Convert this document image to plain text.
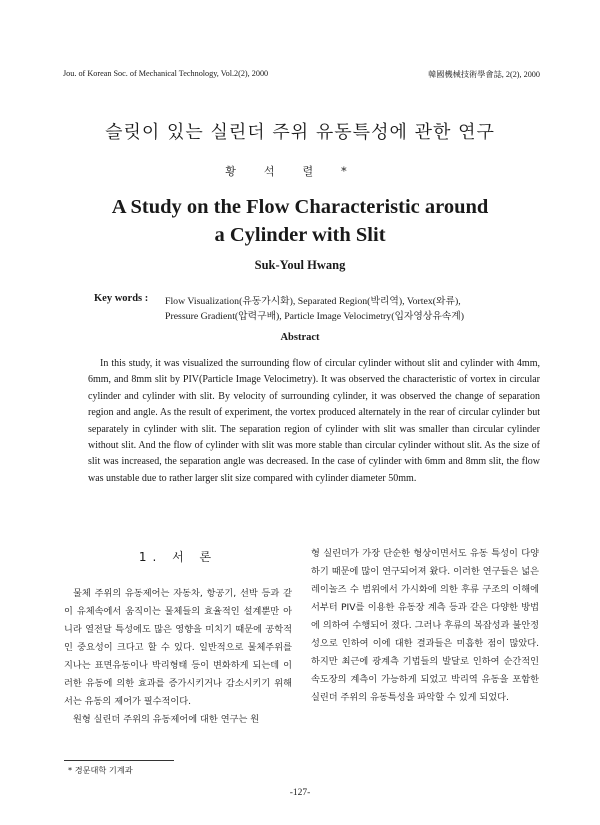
Jou. of Korean Soc. of Mechanical Technology, Vol.2(2), 2000	韓國機械技術學會誌, 2(2), 2000
슬릿이 있는 실린더 주위 유동특성에 관한 연구
황석렬*
A Study on the Flow Characteristic around
a Cylinder with Slit
Suk-Youl Hwang
Key words : Flow Visualization(유동가시화), Separated Region(박리역), Vortex(와류),
Pressure Gradient(압력구배), Particle Image Velocimetry(입자영상유속계)
Abstract

In this study, it was visualized the surrounding flow of circular cylinder without slit and cylinder with 4mm, 6mm, and 8mm slit by PIV(Particle Image Velocimetry). It was observed the characteristic of vortex in circular cylinder and cylinder with slit. By velocity of surrounding cylinder, it was observed the change of separation region and angle. As the result of experiment, the vortex produced alternately in the rear of circular cylinder but separately in cylinder with slit. The separation region of cylinder with slit was smaller than circular cylinder without slit. And the flow of cylinder with slit was more stable than circular cylinder without slit. As the size of slit was increased, the separation angle was decreased. In the case of cylinder with 6mm and 8mm slit, the flow was unstable due to rather larger slit size compared with cylinder diameter 50mm.

1. 서 론

물체 주위의 유동제어는 자동차, 항공기, 선박 등과 같이 유체속에서 움직이는 물체들의 효율적인 설계뿐만 아니라 열전달 특성에도 많은 영향을 미치기 때문에 공학적인 중요성이 크다고 할 수 있다. 일반적으로 물체주위를 지나는 표면유동이나 박리형태 등이 변화하게 되는데 이러한 유동에 의한 효과를 증가시키거나 감소시키기 위해서는 유동의 제어가 필수적이다.

원형 실린더 주위의 유동제어에 대한 연구는 원

형 실린더가 가장 단순한 형상이면서도 유동 특성이 다양하기 때문에 많이 연구되어져 왔다. 이러한 연구들은 넓은 레이놀즈 수 범위에서 가시화에 의한 후류 구조의 이해에서부터 PIV를 이용한 유동장 계측 등과 같은 다양한 방법에 의하여 수행되어 졌다. 그러나 후류의 복잡성과 불안정성으로 인하여 이에 대한 결과들은 미흡한 점이 많았다. 하지만 최근에 광계측 기법들의 발달로 인하여 순간적인 속도장의 계측이 가능하게 되었고 박리역 유동을 포함한 실린더 주위의 유동특성을 파악할 수 있게 되었다.

* 경문대학 기계과
-127-
